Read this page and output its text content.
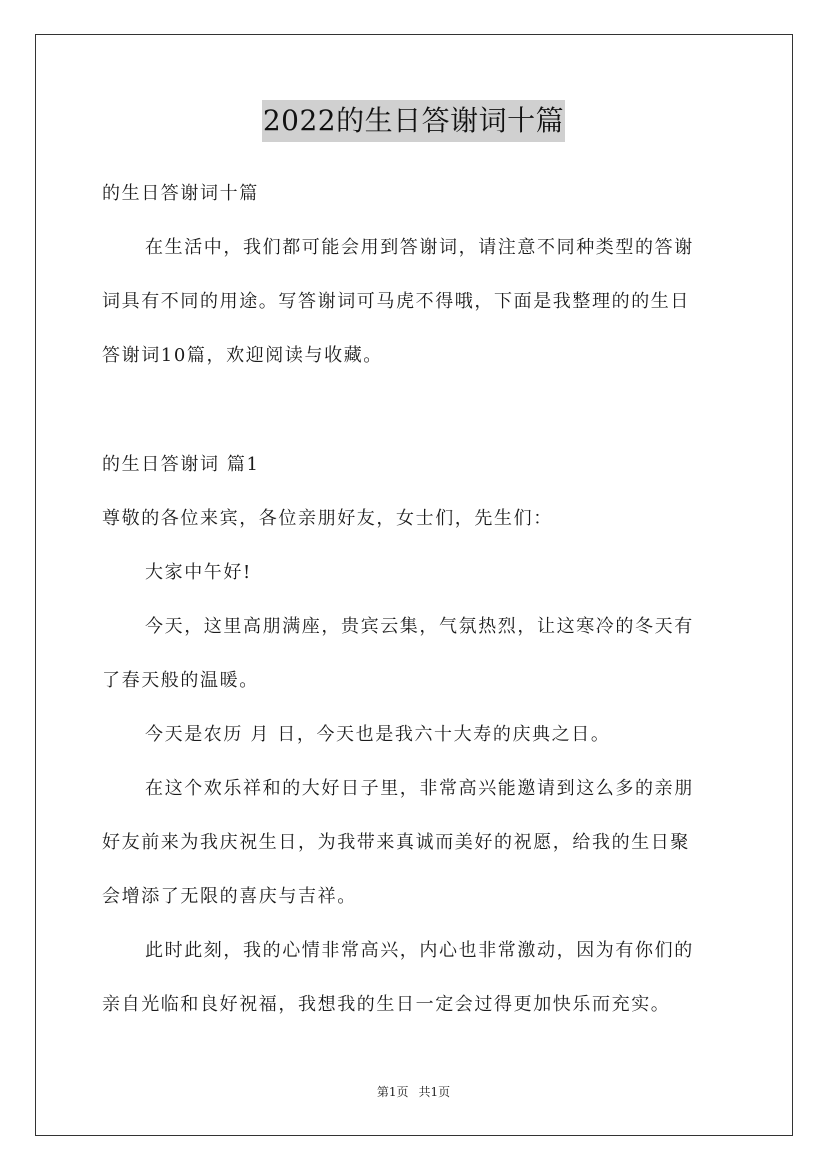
2022的生日答谢词十篇
的生日答谢词十篇
在生活中，我们都可能会用到答谢词，请注意不同种类型的答谢
词具有不同的用途。写答谢词可马虎不得哦，下面是我整理的的生日
答谢词10篇，欢迎阅读与收藏。
的生日答谢词 篇1
尊敬的各位来宾，各位亲朋好友，女士们，先生们：
大家中午好!
今天，这里高朋满座，贵宾云集，气氛热烈，让这寒冷的冬天有
了春天般的温暖。
今天是农历 月 日，今天也是我六十大寿的庆典之日。
在这个欢乐祥和的大好日子里，非常高兴能邀请到这么多的亲朋
好友前来为我庆祝生日，为我带来真诚而美好的祝愿，给我的生日聚
会增添了无限的喜庆与吉祥。
此时此刻，我的心情非常高兴，内心也非常激动，因为有你们的
亲自光临和良好祝福，我想我的生日一定会过得更加快乐而充实。
第1页 共1页
